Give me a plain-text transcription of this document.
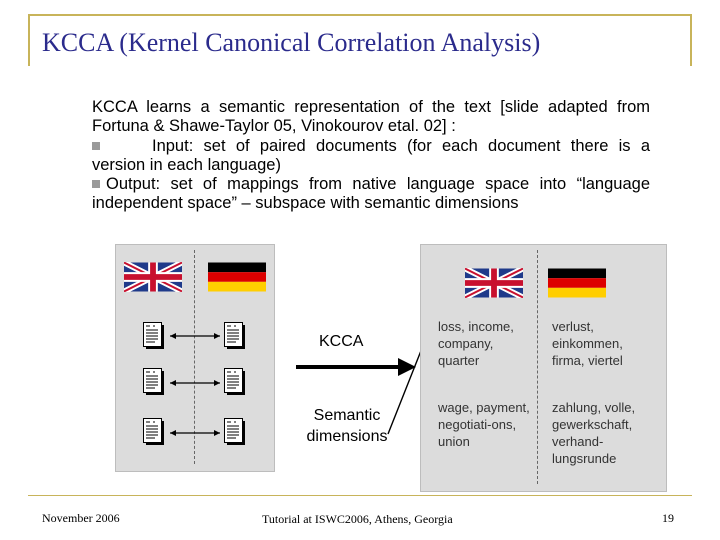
KCCA (Kernel Canonical Correlation Analysis)

KCCA learns a semantic representation of the text [slide adapted from Fortuna & Shawe-Taylor 05, Vinokourov etal. 02] :

Input: set of paired documents (for each document there is a version in each language)

Output: set of mappings from native language space into “language independent space” – subspace with semantic dimensions

KCCA
Semantic dimensions
loss, income, company, quarter
verlust, einkommen, firma, viertel
wage, payment, negotiati-ons, union
zahlung, volle, gewerkschaft, verhand-lungsrunde
November 2006	Tutorial at ISWC2006, Athens, Georgia	19
